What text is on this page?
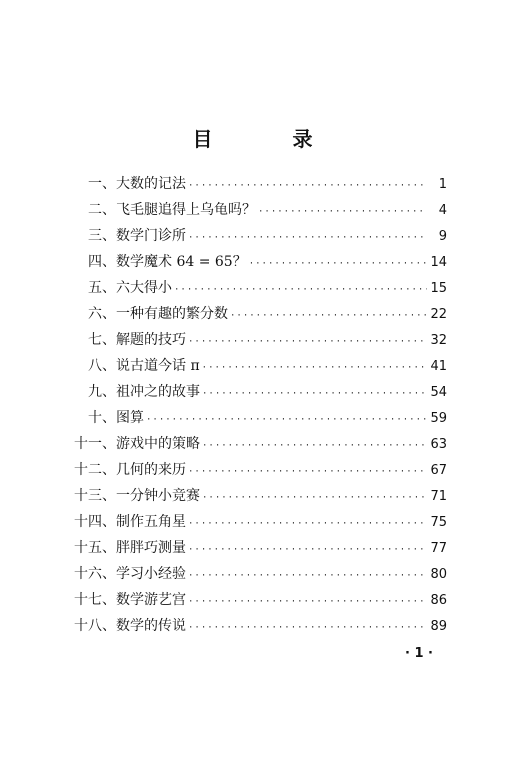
目　录
一、 大数的记法 ·····	1
二、 飞毛腿追得上乌龟吗？ ·····	4
三、 数学门诊所 ·····	9
四、 数学魔术 64 = 65？ ·····	14
五、 六大得小 ·····	15
六、 一种有趣的繁分数 ·····	22
七、 解题的技巧 ·····	32
八、 说古道今话 π ·····	41
九、 祖冲之的故事 ·····	54
十、 图算 ·····	59
十一、 游戏中的策略 ·····	63
十二、 几何的来历 ·····	67
十三、 一分钟小竞赛 ·····	71
十四、 制作五角星 ·····	75
十五、 胖胖巧测量 ·····	77
十六、 学习小经验 ·····	80
十七、 数学游艺宫 ·····	86
十八、 数学的传说 ·····	89
· 1 ·
